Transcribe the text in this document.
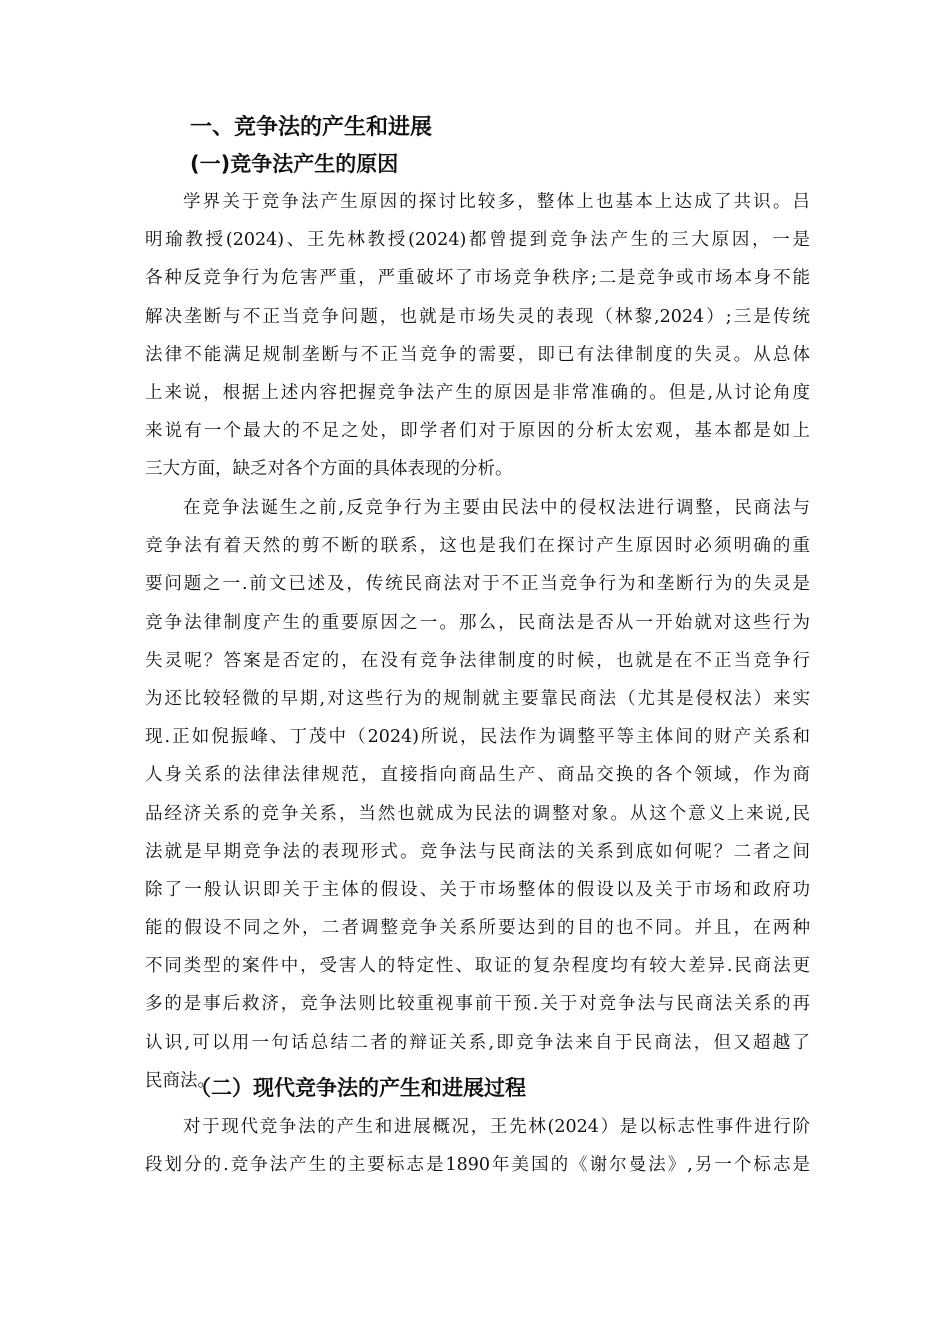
一、竞争法的产生和进展
(一)竞争法产生的原因
学界关于竞争法产生原因的探讨比较多，整体上也基本上达成了共识。吕
明瑜教授(2024)、王先林教授(2024)都曾提到竞争法产生的三大原因，一是
各种反竞争行为危害严重，严重破坏了市场竞争秩序;二是竞争或市场本身不能
解决垄断与不正当竞争问题，也就是市场失灵的表现（林黎,2024）;三是传统
法律不能满足规制垄断与不正当竞争的需要，即已有法律制度的失灵。从总体
上来说，根据上述内容把握竞争法产生的原因是非常准确的。但是,从讨论角度
来说有一个最大的不足之处，即学者们对于原因的分析太宏观，基本都是如上
三大方面，缺乏对各个方面的具体表现的分析。
在竞争法诞生之前,反竞争行为主要由民法中的侵权法进行调整，民商法与
竞争法有着天然的剪不断的联系，这也是我们在探讨产生原因时必须明确的重
要问题之一.前文已述及，传统民商法对于不正当竞争行为和垄断行为的失灵是
竞争法律制度产生的重要原因之一。那么，民商法是否从一开始就对这些行为
失灵呢？答案是否定的，在没有竞争法律制度的时候，也就是在不正当竞争行
为还比较轻微的早期,对这些行为的规制就主要靠民商法（尤其是侵权法）来实
现.正如倪振峰、丁茂中（2024)所说，民法作为调整平等主体间的财产关系和
人身关系的法律法律规范，直接指向商品生产、商品交换的各个领域，作为商
品经济关系的竞争关系，当然也就成为民法的调整对象。从这个意义上来说,民
法就是早期竞争法的表现形式。竞争法与民商法的关系到底如何呢？二者之间
除了一般认识即关于主体的假设、关于市场整体的假设以及关于市场和政府功
能的假设不同之外，二者调整竞争关系所要达到的目的也不同。并且，在两种
不同类型的案件中，受害人的特定性、取证的复杂程度均有较大差异.民商法更
多的是事后救济，竞争法则比较重视事前干预.关于对竞争法与民商法关系的再
认识,可以用一句话总结二者的辩证关系,即竞争法来自于民商法，但又超越了
民商法。
（二）现代竞争法的产生和进展过程
对于现代竞争法的产生和进展概况，王先林(2024）是以标志性事件进行阶
段划分的.竞争法产生的主要标志是1890年美国的《谢尔曼法》,另一个标志是
